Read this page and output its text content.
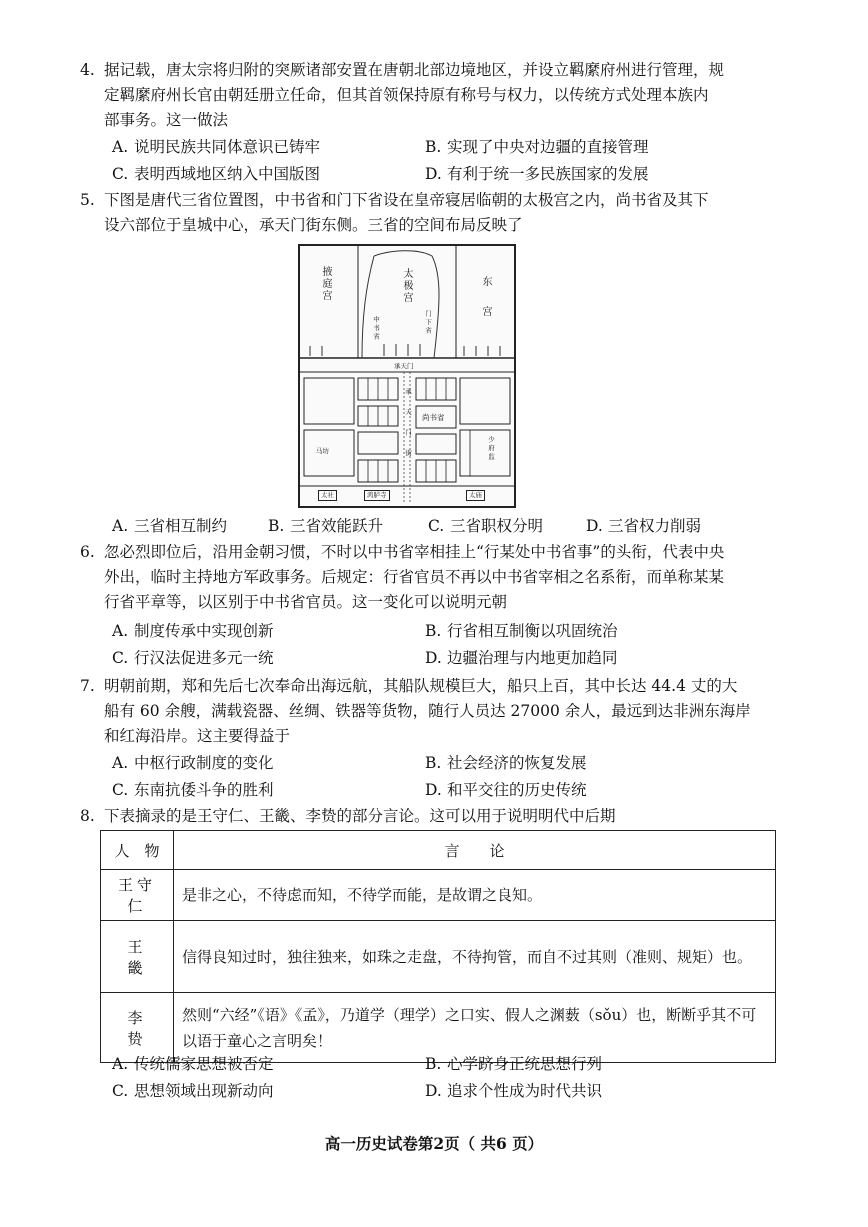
4. 据记载，唐太宗将归附的突厥诸部安置在唐朝北部边境地区，并设立羁縻府州进行管理，规
定羁縻府州长官由朝廷册立任命，但其首领保持原有称号与权力，以传统方式处理本族内
部事务。这一做法
A. 说明民族共同体意识已铸牢	B. 实现了中央对边疆的直接管理
C. 表明西域地区纳入中国版图	D. 有利于统一多民族国家的发展
5. 下图是唐代三省位置图，中书省和门下省设在皇帝寝居临朝的太极宫之内，尚书省及其下
设六部位于皇城中心，承天门街东侧。三省的空间布局反映了
掖庭宫	太极宫	东宫
中书省	门下省
承天门
承天门街 尚书省
马坊	少府监
太社	鸿胪寺	太庙
A. 三省相互制约	B. 三省效能跃升	C. 三省职权分明	D. 三省权力削弱
6. 忽必烈即位后，沿用金朝习惯，不时以中书省宰相挂上“行某处中书省事”的头衔，代表中央
外出，临时主持地方军政事务。后规定：行省官员不再以中书省宰相之名系衔，而单称某某
行省平章等，以区别于中书省官员。这一变化可以说明元朝
A. 制度传承中实现创新	B. 行省相互制衡以巩固统治
C. 行汉法促进多元一统	D. 边疆治理与内地更加趋同
7. 明朝前期，郑和先后七次奉命出海远航，其船队规模巨大，船只上百，其中长达 44.4 丈的大
船有 60 余艘，满载瓷器、丝绸、铁器等货物，随行人员达 27000 余人，最远到达非洲东海岸
和红海沿岸。这主要得益于
A. 中枢行政制度的变化	B. 社会经济的恢复发展
C. 东南抗倭斗争的胜利	D. 和平交往的历史传统
8. 下表摘录的是王守仁、王畿、李贽的部分言论。这可以用于说明明代中后期
人　物	言　　论
王守仁	是非之心，不待虑而知，不待学而能，是故谓之良知。
王　畿	信得良知过时，独往独来，如珠之走盘，不待拘管，而自不过其则（准则、规矩）也。
李　贽	然则“六经”《语》《孟》，乃道学（理学）之口实、假人之渊薮（sǒu）也，断断乎其不可以语于童心之言明矣！
A. 传统儒家思想被否定	B. 心学跻身正统思想行列
C. 思想领域出现新动向	D. 追求个性成为时代共识
高一历史试卷第2页（ 共6 页）
